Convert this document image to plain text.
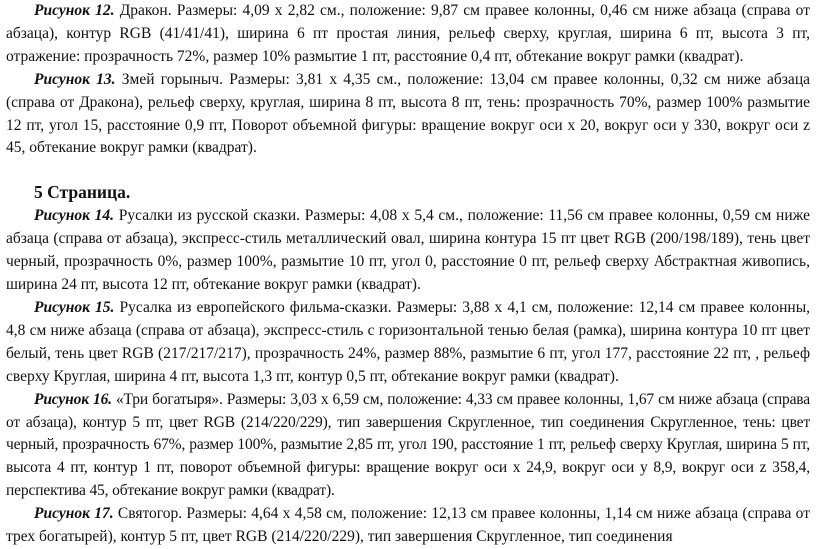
Рисунок 12. Дракон. Размеры: 4,09 x 2,82 см., положение: 9,87 см правее колонны, 0,46 см ниже абзаца (справа от абзаца), контур RGB (41/41/41), ширина 6 пт простая линия, рельеф сверху, круглая, ширина 6 пт, высота 3 пт, отражение: прозрачность 72%, размер 10% размытие 1 пт, расстояние 0,4 пт, обтекание вокруг рамки (квадрат).

Рисунок 13. Змей горыныч. Размеры: 3,81 x 4,35 см., положение: 13,04 см правее колонны, 0,32 см ниже абзаца (справа от Дракона), рельеф сверху, круглая, ширина 8 пт, высота 8 пт, тень: прозрачность 70%, размер 100% размытие 12 пт, угол 15, расстояние 0,9 пт, Поворот объемной фигуры: вращение вокруг оси x 20, вокруг оси y 330, вокруг оси z 45, обтекание вокруг рамки (квадрат).

5 Страница.

Рисунок 14. Русалки из русской сказки. Размеры: 4,08 x 5,4 см., положение: 11,56 см правее колонны, 0,59 см ниже абзаца (справа от абзаца), экспресс-стиль металлический овал, ширина контура 15 пт цвет RGB (200/198/189), тень цвет черный, прозрачность 0%, размер 100%, размытие 10 пт, угол 0, расстояние 0 пт, рельеф сверху Абстрактная живопись, ширина 24 пт, высота 12 пт, обтекание вокруг рамки (квадрат).

Рисунок 15. Русалка из европейского фильма-сказки. Размеры: 3,88 x 4,1 см, положение: 12,14 см правее колонны, 4,8 см ниже абзаца (справа от абзаца), экспресс-стиль с горизонтальной тенью белая (рамка), ширина контура 10 пт цвет белый, тень цвет RGB (217/217/217), прозрачность 24%, размер 88%, размытие 6 пт, угол 177, расстояние 22 пт, , рельеф сверху Круглая, ширина 4 пт, высота 1,3 пт, контур 0,5 пт, обтекание вокруг рамки (квадрат).

Рисунок 16. «Три богатыря». Размеры: 3,03 x 6,59 см, положение: 4,33 см правее колонны, 1,67 см ниже абзаца (справа от абзаца), контур 5 пт, цвет RGB (214/220/229), тип завершения Скругленное, тип соединения Скругленное, тень: цвет черный, прозрачность 67%, размер 100%, размытие 2,85 пт, угол 190, расстояние 1 пт, рельеф сверху Круглая, ширина 5 пт, высота 4 пт, контур 1 пт, поворот объемной фигуры: вращение вокруг оси x 24,9, вокруг оси y 8,9, вокруг оси z 358,4, перспектива 45, обтекание вокруг рамки (квадрат).

Рисунок 17. Святогор. Размеры: 4,64 x 4,58 см, положение: 12,13 см правее колонны, 1,14 см ниже абзаца (справа от трех богатырей), контур 5 пт, цвет RGB (214/220/229), тип завершения Скругленное, тип соединения
